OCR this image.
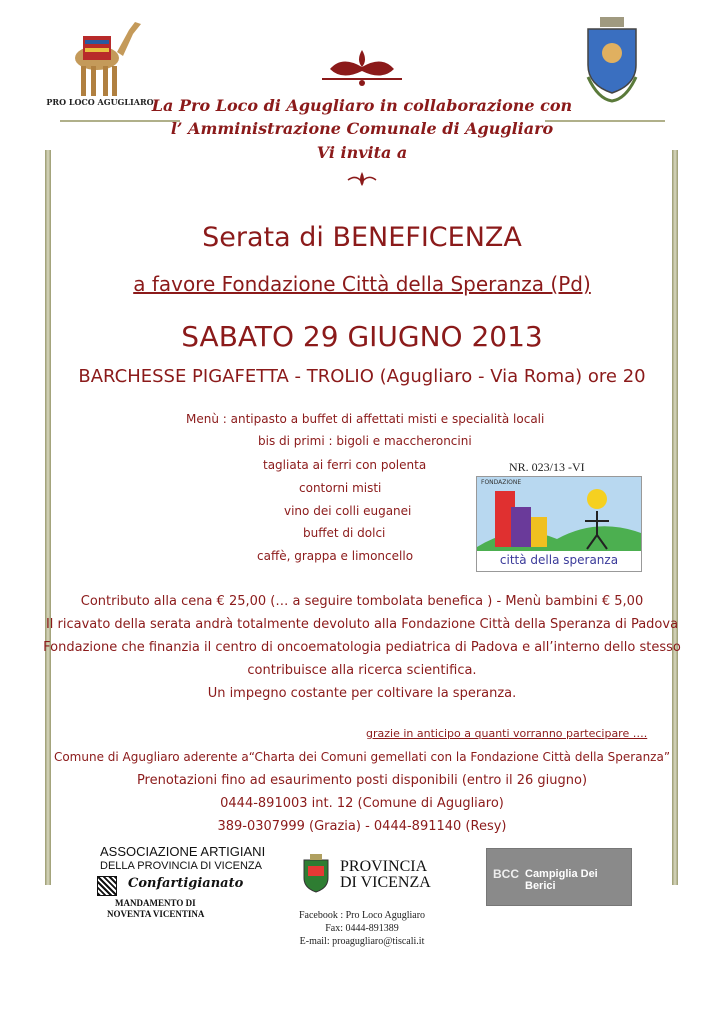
PRO LOCO AGUGLIARO
La Pro Loco di Agugliaro in collaborazione con
l’ Amministrazione Comunale di Agugliaro
Vi invita a
Serata di BENEFICENZA
a favore Fondazione Città della Speranza (Pd)
SABATO 29 GIUGNO 2013
BARCHESSE PIGAFETTA - TROLIO (Agugliaro - Via Roma) ore 20
Menù : antipasto a buffet di affettati misti e specialità locali
bis di primi : bigoli e maccheroncini
tagliata ai ferri con polenta
contorni misti
vino dei colli euganei
buffet di dolci
caffè, grappa e limoncello
NR. 023/13 -VI
FONDAZIONE
città della speranza
Contributo alla cena € 25,00 (… a seguire tombolata benefica ) - Menù bambini € 5,00
Il ricavato della serata andrà totalmente devoluto alla Fondazione Città della Speranza di Padova
Fondazione che finanzia il centro di oncoematologia pediatrica di Padova e all’interno dello stesso
contribuisce alla ricerca scientifica.
Un impegno costante per coltivare la speranza.
grazie in anticipo a quanti vorranno partecipare ….
Comune di Agugliaro aderente a“Charta dei Comuni gemellati con la Fondazione Città della Speranza”
Prenotazioni fino ad esaurimento posti disponibili (entro il 26 giugno)
0444-891003 int. 12 (Comune di Agugliaro)
389-0307999 (Grazia) - 0444-891140 (Resy)
ASSOCIAZIONE ARTIGIANI
DELLA PROVINCIA DI VICENZA
Confartigianato
MANDAMENTO DI
NOVENTA VICENTINA
PROVINCIA
DI VICENZA	BCC Campiglia Dei Berici
Facebook : Pro Loco Agugliaro
Fax: 0444-891389
E-mail: proagugliaro@tiscali.it
